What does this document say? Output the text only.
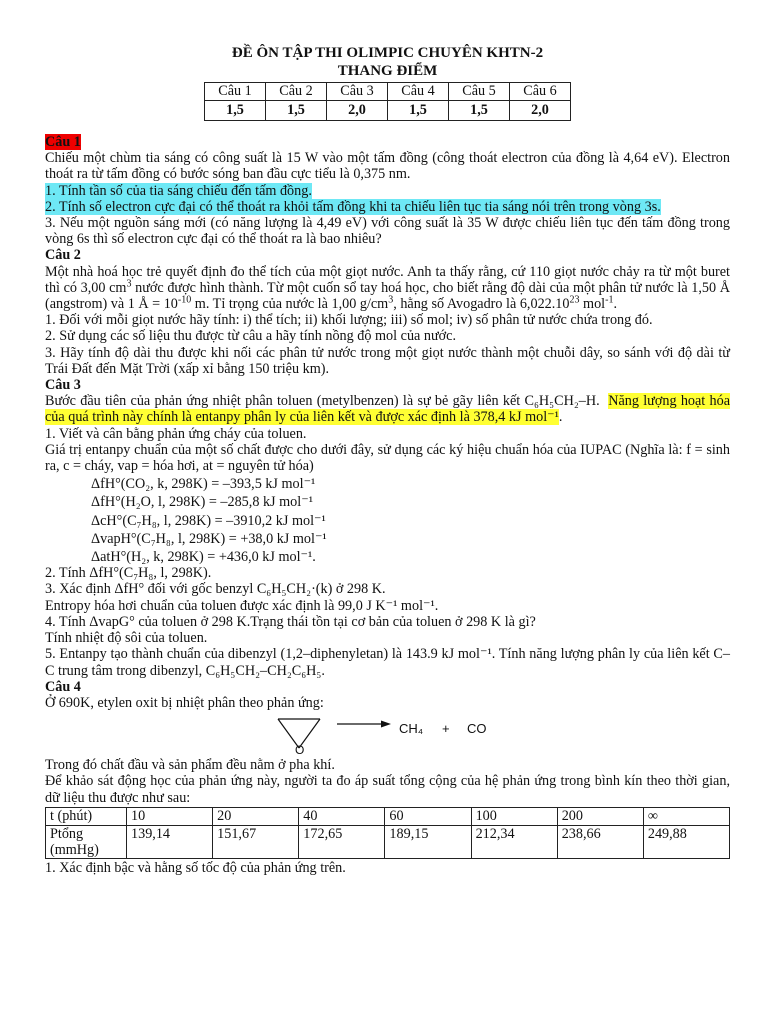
ĐỀ ÔN TẬP THI OLIMPIC CHUYÊN KHTN-2
THANG ĐIỂM
Câu 1	Câu 2	Câu 3	Câu 4	Câu 5	Câu 6
1,5	1,5	2,0	1,5	1,5	2,0

Câu 1

Chiếu một chùm tia sáng có công suất là 15 W vào một tấm đồng (công thoát electron của đồng là 4,64 eV). Electron thoát ra từ tấm đồng có bước sóng ban đầu cực tiểu là 0,375 nm.

1. Tính tần số của tia sáng chiếu đến tấm đồng.

2. Tính số electron cực đại có thể thoát ra khỏi tấm đồng khi ta chiếu liên tục tia sáng nói trên trong vòng 3s.

3. Nếu một nguồn sáng mới (có năng lượng là 4,49 eV) với công suất là 35 W được chiếu liên tục đến tấm đồng trong vòng 6s thì số electron cực đại có thể thoát ra là bao nhiêu?

Câu 2

Một nhà hoá học trẻ quyết định đo thể tích của một giọt nước. Anh ta thấy rằng, cứ 110 giọt nước chảy ra từ một buret thì có 3,00 $cm^3$ nước được hình thành. Từ một cuốn sổ tay hoá học, cho biết rằng độ dài của một phân tử nước là 1,50 Å (angstrom) và 1 Å = $10^{-10}$ m. Tỉ trọng của nước là 1,00 $g/cm^3$, hằng số Avogadro là 6,022.10$^{23}$ mol$^{-1}$.

1. Đối với mỗi giọt nước hãy tính: i) thể tích; ii) khối lượng; iii) số mol; iv) số phân tử nước chứa trong đó.

2. Sử dụng các số liệu thu được từ câu a hãy tính nồng độ mol của nước.

3. Hãy tính độ dài thu được khi nối các phân tử nước trong một giọt nước thành một chuỗi dây, so sánh với độ dài từ Trái Đất đến Mặt Trời (xấp xỉ bằng 150 triệu km).

Câu 3

Bước đầu tiên của phản ứng nhiệt phân toluen (metylbenzen) là sự bẻ gãy liên kết C₆H₅CH₂–H. Năng lượng hoạt hóa của quá trình này chính là entanpy phân ly của liên kết và được xác định là 378,4 kJ mol⁻¹.

1. Viết và cân bằng phản ứng cháy của toluen.

Giá trị entanpy chuẩn của một số chất được cho dưới đây, sử dụng các ký hiệu chuẩn hóa của IUPAC (Nghĩa là: f = sinh ra, c = cháy, vap = hóa hơi, at = nguyên tử hóa)

ΔfH°(CO₂, k, 298K) = –393,5 kJ mol⁻¹

ΔfH°(H₂O, l, 298K) = –285,8 kJ mol⁻¹

ΔcH°(C₇H₈, l, 298K) = –3910,2 kJ mol⁻¹

ΔvapH°(C₇H₈, l, 298K) = +38,0 kJ mol⁻¹

ΔatH°(H₂, k, 298K) = +436,0 kJ mol⁻¹.

2. Tính ΔfH°(C₇H₈, l, 298K).

3. Xác định ΔfH° đối với gốc benzyl C₆H₅CH₂·(k) ở 298 K.

Entropy hóa hơi chuẩn của toluen được xác định là 99,0 J K⁻¹ mol⁻¹.

4. Tính ΔvapG° của toluen ở 298 K.Trạng thái tồn tại cơ bản của toluen ở 298 K là gì?

Tính nhiệt độ sôi của toluen.

5. Entanpy tạo thành chuẩn của dibenzyl (1,2–diphenyletan) là 143.9 kJ mol⁻¹. Tính năng lượng phân ly của liên kết C–C trung tâm trong dibenzyl, C₆H₅CH₂–CH₂C₆H₅.

Câu 4

Ở 690K, etylen oxit bị nhiệt phân theo phản ứng:

O
CH₄ + CO

Trong đó chất đầu và sản phẩm đều nằm ở pha khí.

Để khảo sát động học của phản ứng này, người ta đo áp suất tổng cộng của hệ phản ứng trong bình kín theo thời gian, dữ liệu thu được như sau:

t (phút)	10	20	40	60	100	200	∞
Ptổng (mmHg)	139,14	151,67	172,65	189,15	212,34	238,66	249,88

1. Xác định bậc và hằng số tốc độ của phản ứng trên.
